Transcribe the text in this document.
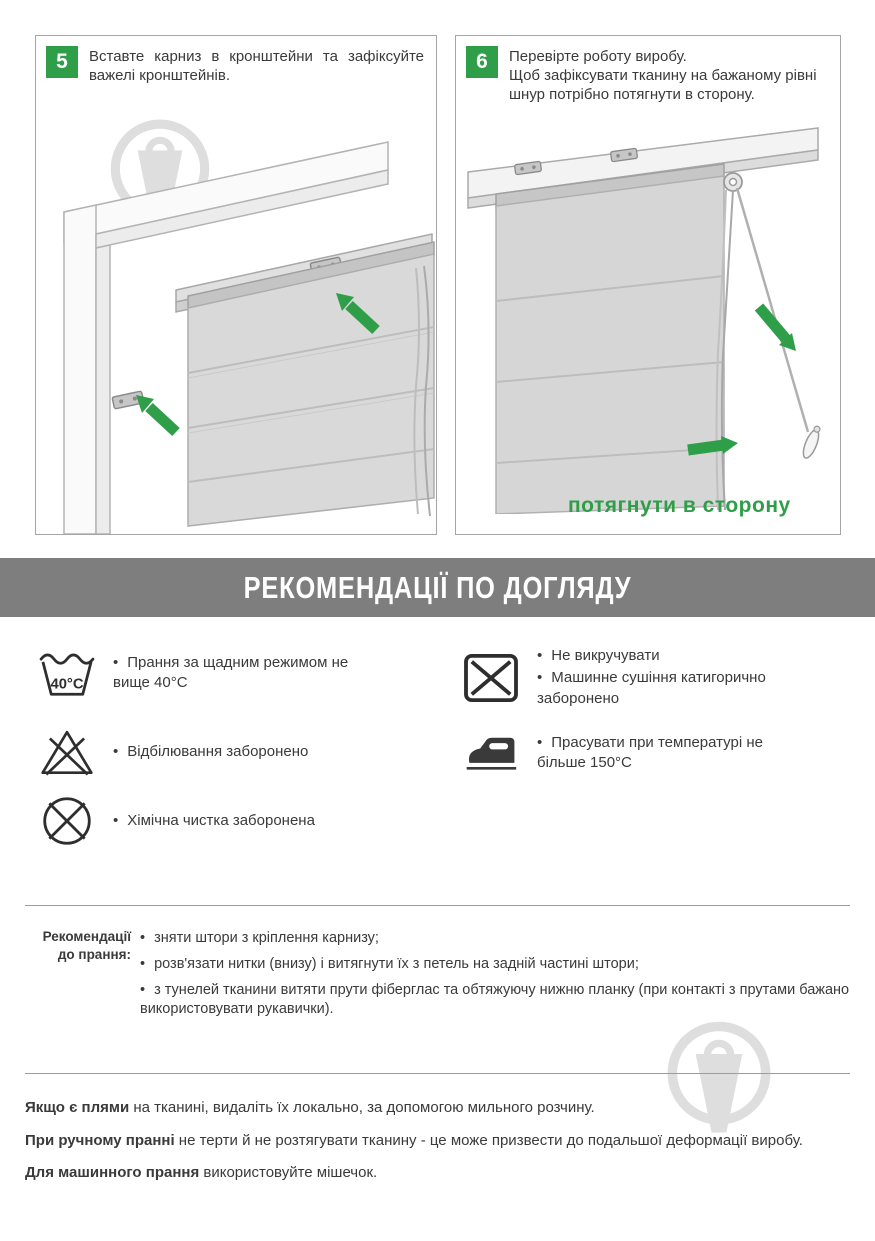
5	Вставте карниз в кронштейни та зафіксуйте важелі кронштейнів.
6	Перевірте роботу виробу.
Щоб зафіксувати тканину на бажаному рівні шнур потрібно потягнути в сторону.
потягнути в сторону
РЕКОМЕНДАЦІЇ ПО ДОГЛЯДУ
40°C
• Прання за щадним режимом не вище 40°С
• Відбілювання заборонено
• Хімічна чистка заборонена
• Не викручувати
• Машинне сушіння катигорично заборонено
• Прасувати при температурі не більше 150°С
Рекомендації до прання:
• зняти штори з кріплення карнизу;
• розв'язати нитки (внизу) і витягнути їх з петель на задній частині штори;
• з тунелей тканини витяти прути фіберглас та обтяжуючу нижню планку (при контакті з прутами бажано використовувати рукавички).
Якщо є плями на тканині, видаліть їх локально, за допомогою мильного розчину.
При ручному пранні не терти й не розтягувати тканину - це може призвести до подальшої деформації виробу.
Для машинного прання використовуйте мішечок.
